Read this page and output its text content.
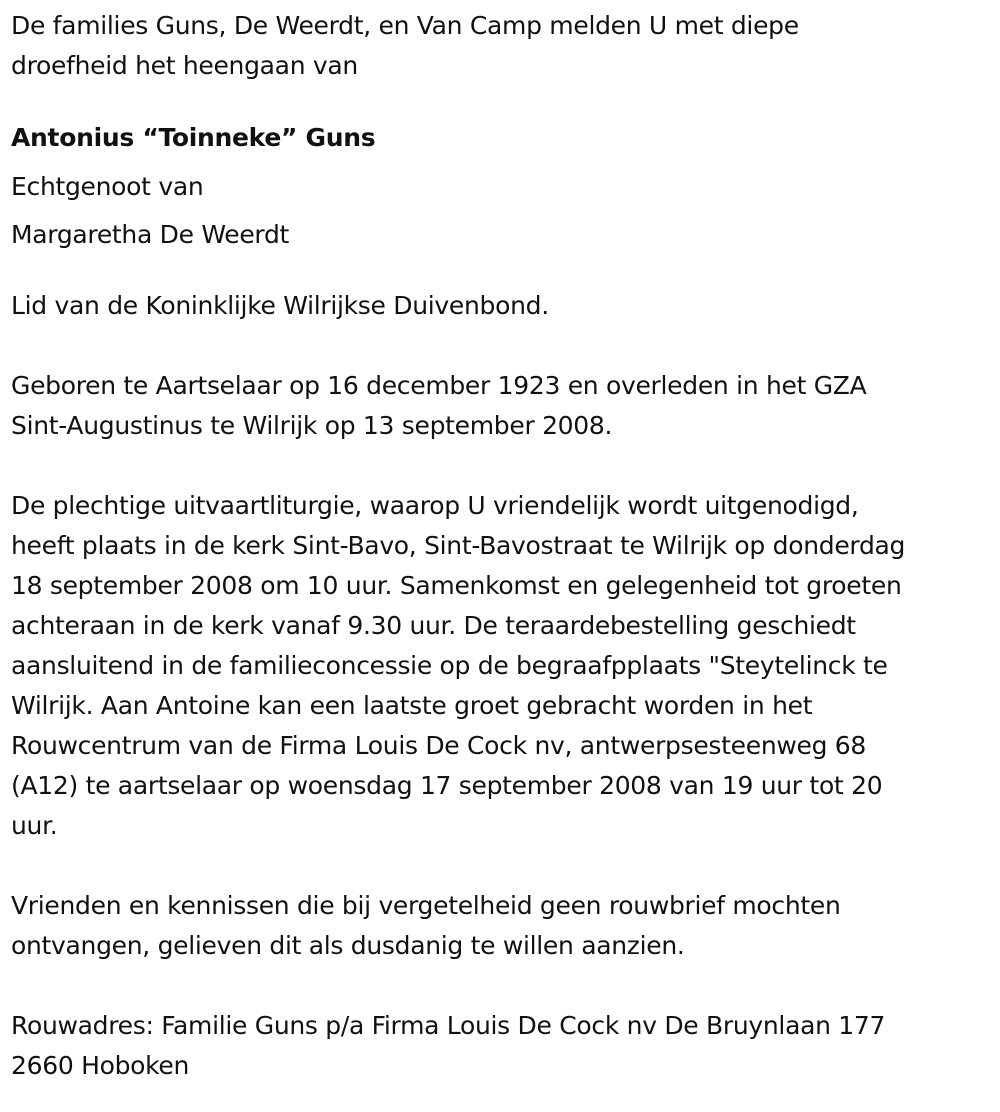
De families Guns, De Weerdt, en Van Camp melden U met diepe
droefheid het heengaan van
Antonius “Toinneke” Guns
Echtgenoot van
Margaretha De Weerdt
Lid van de Koninklijke Wilrijkse Duivenbond.
Geboren te Aartselaar op 16 december 1923 en overleden in het GZA
Sint-Augustinus te Wilrijk op 13 september 2008.
De plechtige uitvaartliturgie, waarop U vriendelijk wordt uitgenodigd,
heeft plaats in de kerk Sint-Bavo, Sint-Bavostraat te Wilrijk op donderdag
18 september 2008 om 10 uur. Samenkomst en gelegenheid tot groeten
achteraan in de kerk vanaf 9.30 uur. De teraardebestelling geschiedt
aansluitend in de familieconcessie op de begraafpplaats "Steytelinck te
Wilrijk. Aan Antoine kan een laatste groet gebracht worden in het
Rouwcentrum van de Firma Louis De Cock nv, antwerpsesteenweg 68
(A12) te aartselaar op woensdag 17 september 2008 van 19 uur tot 20
uur.
Vrienden en kennissen die bij vergetelheid geen rouwbrief mochten
ontvangen, gelieven dit als dusdanig te willen aanzien.
Rouwadres: Familie Guns p/a Firma Louis De Cock nv De Bruynlaan 177
2660 Hoboken
